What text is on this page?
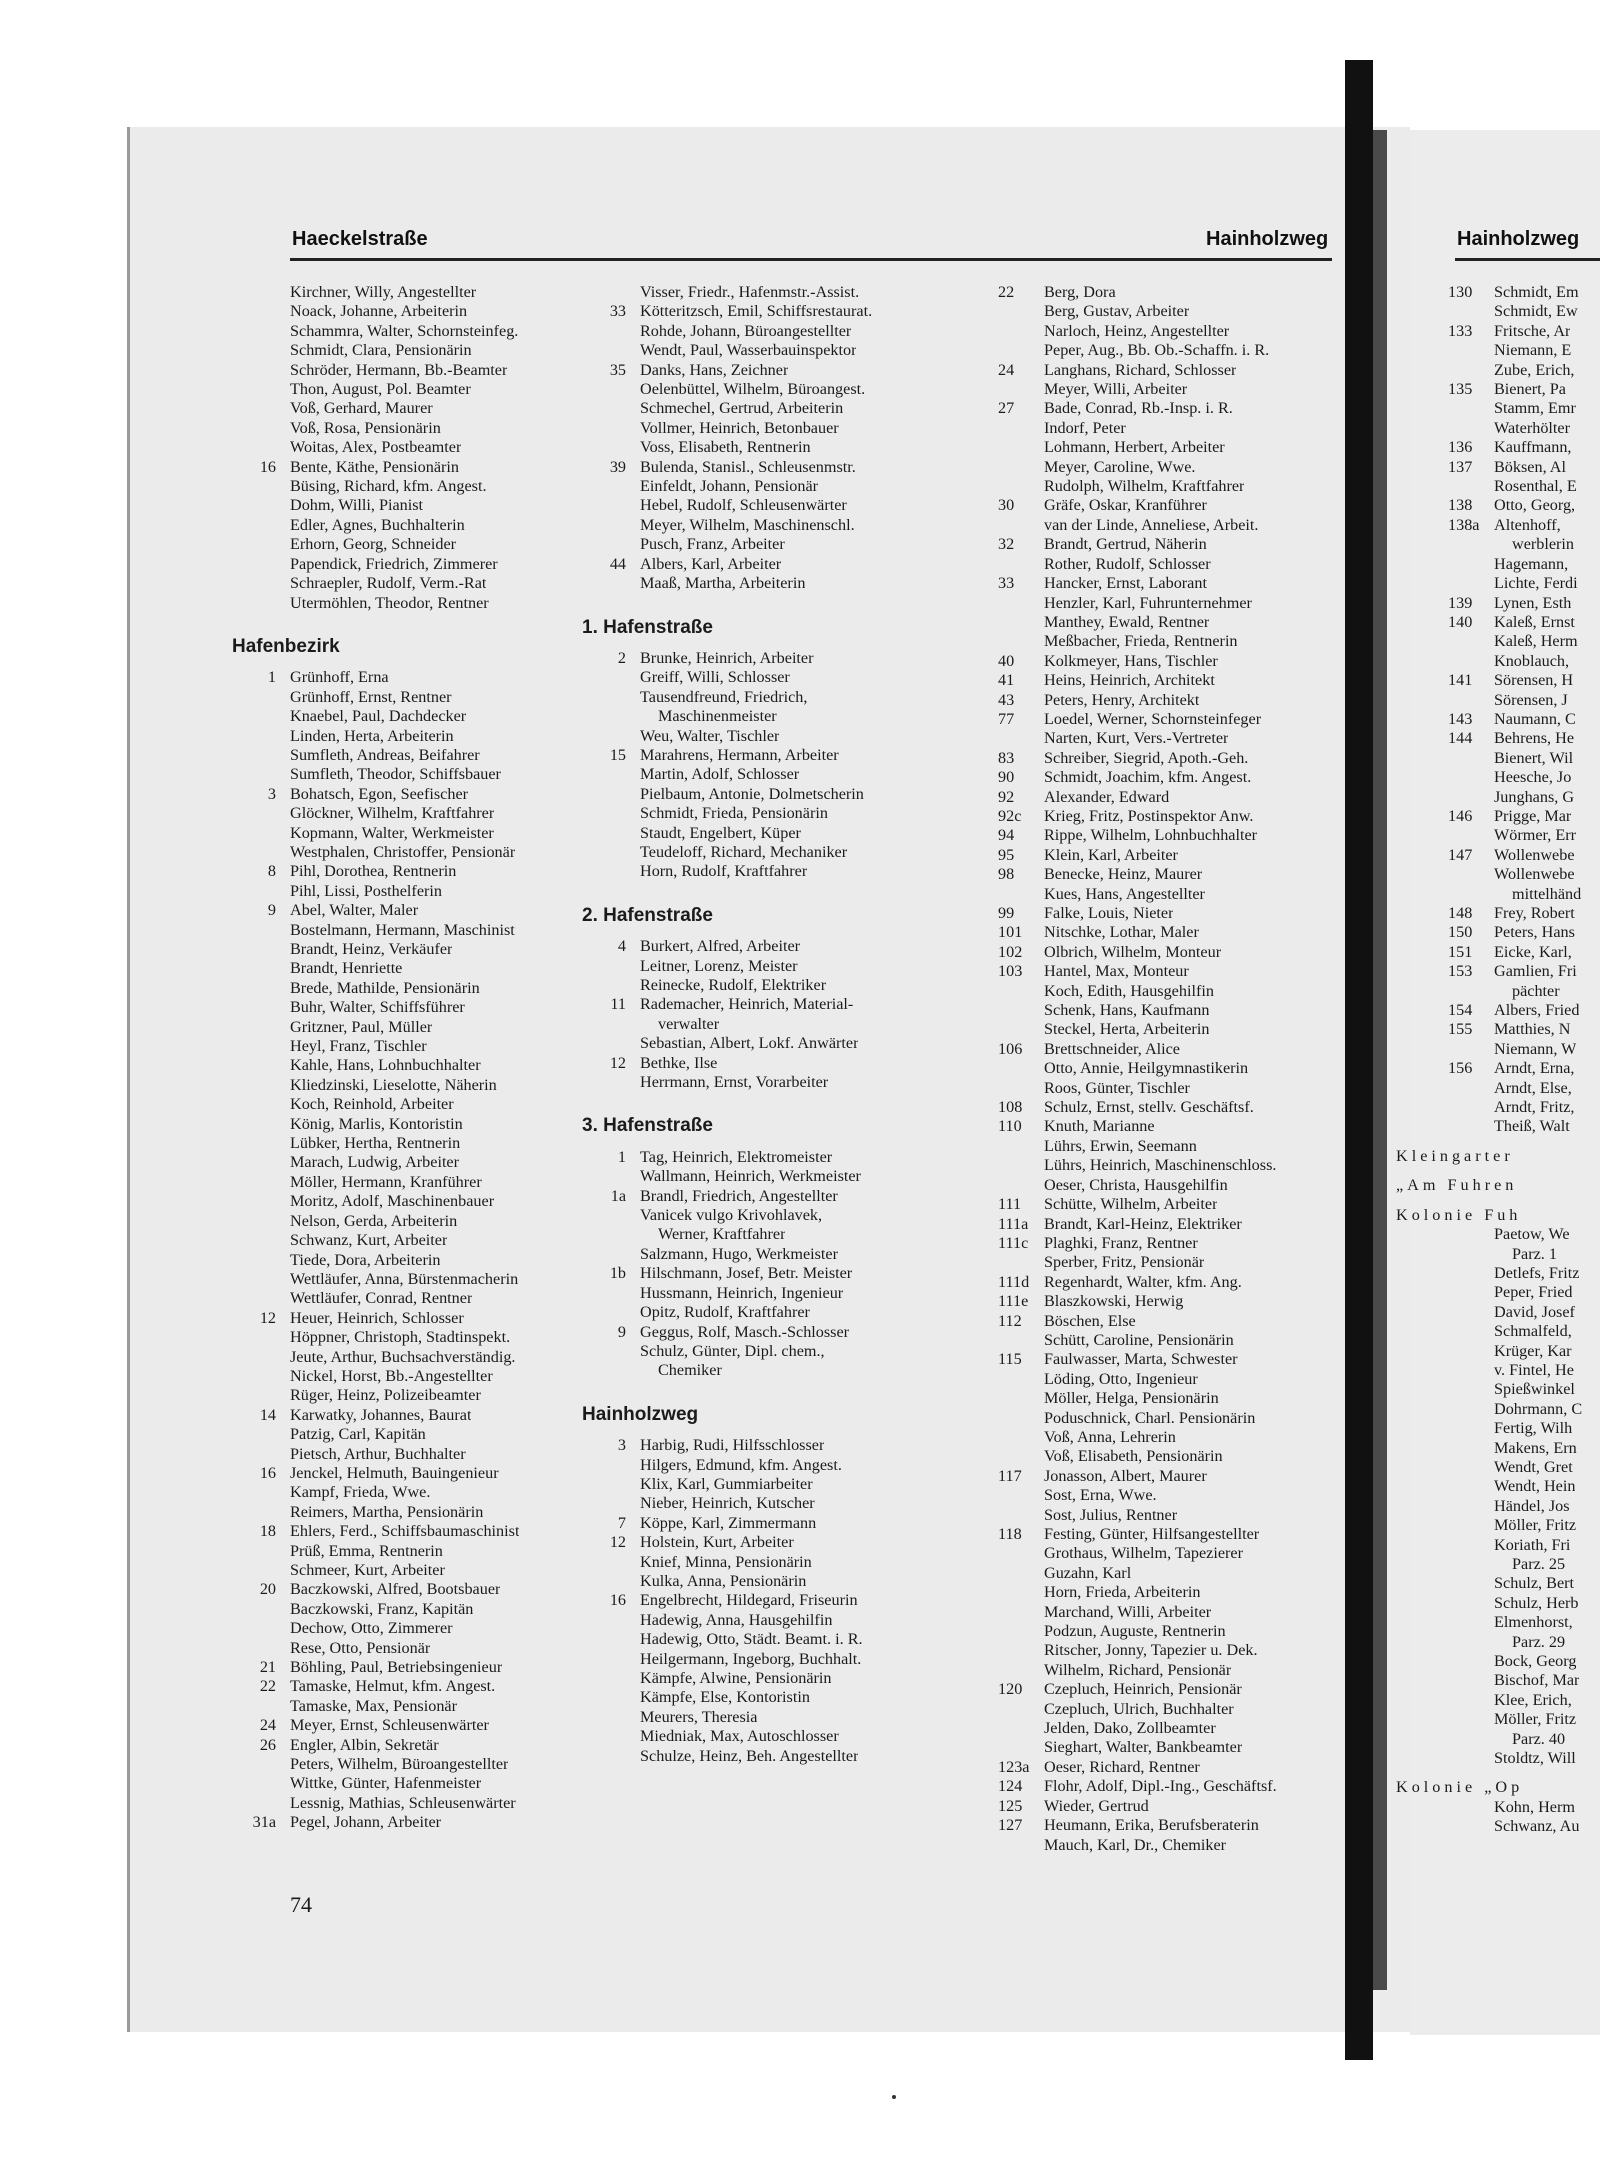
Haeckelstraße	Hainholzweg	Hainholzweg
Kirchner, Willy, Angestellter
Noack, Johanne, Arbeiterin
Schammra, Walter, Schornsteinfeg.
Schmidt, Clara, Pensionärin
Schröder, Hermann, Bb.-Beamter
Thon, August, Pol. Beamter
Voß, Gerhard, Maurer
Voß, Rosa, Pensionärin
Woitas, Alex, Postbeamter
16 Bente, Käthe, Pensionärin
Büsing, Richard, kfm. Angest.
Dohm, Willi, Pianist
Edler, Agnes, Buchhalterin
Erhorn, Georg, Schneider
Papendick, Friedrich, Zimmerer
Schraepler, Rudolf, Verm.-Rat
Utermöhlen, Theodor, Rentner
Hafenbezirk
1 Grünhoff, Erna
Grünhoff, Ernst, Rentner
Knaebel, Paul, Dachdecker
Linden, Herta, Arbeiterin
Sumfleth, Andreas, Beifahrer
Sumfleth, Theodor, Schiffsbauer
3 Bohatsch, Egon, Seefischer
Glöckner, Wilhelm, Kraftfahrer
Kopmann, Walter, Werkmeister
Westphalen, Christoffer, Pensionär
8 Pihl, Dorothea, Rentnerin
Pihl, Lissi, Posthelferin
9 Abel, Walter, Maler
Bostelmann, Hermann, Maschinist
Brandt, Heinz, Verkäufer
Brandt, Henriette
Brede, Mathilde, Pensionärin
Buhr, Walter, Schiffsführer
Gritzner, Paul, Müller
Heyl, Franz, Tischler
Kahle, Hans, Lohnbuchhalter
Kliedzinski, Lieselotte, Näherin
Koch, Reinhold, Arbeiter
König, Marlis, Kontoristin
Lübker, Hertha, Rentnerin
Marach, Ludwig, Arbeiter
Möller, Hermann, Kranführer
Moritz, Adolf, Maschinenbauer
Nelson, Gerda, Arbeiterin
Schwanz, Kurt, Arbeiter
Tiede, Dora, Arbeiterin
Wettläufer, Anna, Bürstenmacherin
Wettläufer, Conrad, Rentner
12 Heuer, Heinrich, Schlosser
Höppner, Christoph, Stadtinspekt.
Jeute, Arthur, Buchsachverständig.
Nickel, Horst, Bb.-Angestellter
Rüger, Heinz, Polizeibeamter
14 Karwatky, Johannes, Baurat
Patzig, Carl, Kapitän
Pietsch, Arthur, Buchhalter
16 Jenckel, Helmuth, Bauingenieur
Kampf, Frieda, Wwe.
Reimers, Martha, Pensionärin
18 Ehlers, Ferd., Schiffsbaumaschinist
Prüß, Emma, Rentnerin
Schmeer, Kurt, Arbeiter
20 Baczkowski, Alfred, Bootsbauer
Baczkowski, Franz, Kapitän
Dechow, Otto, Zimmerer
Rese, Otto, Pensionär
21 Böhling, Paul, Betriebsingenieur
22 Tamaske, Helmut, kfm. Angest.
Tamaske, Max, Pensionär
24 Meyer, Ernst, Schleusenwärter
26 Engler, Albin, Sekretär
Peters, Wilhelm, Büroangestellter
Wittke, Günter, Hafenmeister
Lessnig, Mathias, Schleusenwärter
31a Pegel, Johann, Arbeiter
Visser, Friedr., Hafenmstr.-Assist.
33 Kötteritzsch, Emil, Schiffsrestaurat.
Rohde, Johann, Büroangestellter
Wendt, Paul, Wasserbauinspektor
35 Danks, Hans, Zeichner
Oelenbüttel, Wilhelm, Büroangest.
Schmechel, Gertrud, Arbeiterin
Vollmer, Heinrich, Betonbauer
Voss, Elisabeth, Rentnerin
39 Bulenda, Stanisl., Schleusenmstr.
Einfeldt, Johann, Pensionär
Hebel, Rudolf, Schleusenwärter
Meyer, Wilhelm, Maschinenschl.
Pusch, Franz, Arbeiter
44 Albers, Karl, Arbeiter
Maaß, Martha, Arbeiterin
1. Hafenstraße
2 Brunke, Heinrich, Arbeiter
Greiff, Willi, Schlosser
Tausendfreund, Friedrich,
Maschinenmeister
Weu, Walter, Tischler
15 Marahrens, Hermann, Arbeiter
Martin, Adolf, Schlosser
Pielbaum, Antonie, Dolmetscherin
Schmidt, Frieda, Pensionärin
Staudt, Engelbert, Küper
Teudeloff, Richard, Mechaniker
Horn, Rudolf, Kraftfahrer
2. Hafenstraße
4 Burkert, Alfred, Arbeiter
Leitner, Lorenz, Meister
Reinecke, Rudolf, Elektriker
11 Rademacher, Heinrich, Material-
verwalter
Sebastian, Albert, Lokf. Anwärter
12 Bethke, Ilse
Herrmann, Ernst, Vorarbeiter
3. Hafenstraße
1 Tag, Heinrich, Elektromeister
Wallmann, Heinrich, Werkmeister
1a Brandl, Friedrich, Angestellter
Vanicek vulgo Krivohlavek,
Werner, Kraftfahrer
Salzmann, Hugo, Werkmeister
1b Hilschmann, Josef, Betr. Meister
Hussmann, Heinrich, Ingenieur
Opitz, Rudolf, Kraftfahrer
9 Geggus, Rolf, Masch.-Schlosser
Schulz, Günter, Dipl. chem.,
Chemiker
Hainholzweg
3 Harbig, Rudi, Hilfsschlosser
Hilgers, Edmund, kfm. Angest.
Klix, Karl, Gummiarbeiter
Nieber, Heinrich, Kutscher
7 Köppe, Karl, Zimmermann
12 Holstein, Kurt, Arbeiter
Knief, Minna, Pensionärin
Kulka, Anna, Pensionärin
16 Engelbrecht, Hildegard, Friseurin
Hadewig, Anna, Hausgehilfin
Hadewig, Otto, Städt. Beamt. i. R.
Heilgermann, Ingeborg, Buchhalt.
Kämpfe, Alwine, Pensionärin
Kämpfe, Else, Kontoristin
Meurers, Theresia
Miedniak, Max, Autoschlosser
Schulze, Heinz, Beh. Angestellter
22	Berg, Dora
Berg, Gustav, Arbeiter
Narloch, Heinz, Angestellter
Peper, Aug., Bb. Ob.-Schaffn. i. R.
24	Langhans, Richard, Schlosser
Meyer, Willi, Arbeiter
27	Bade, Conrad, Rb.-Insp. i. R.
Indorf, Peter
Lohmann, Herbert, Arbeiter
Meyer, Caroline, Wwe.
Rudolph, Wilhelm, Kraftfahrer
30	Gräfe, Oskar, Kranführer
van der Linde, Anneliese, Arbeit.
32	Brandt, Gertrud, Näherin
Rother, Rudolf, Schlosser
33	Hancker, Ernst, Laborant
Henzler, Karl, Fuhrunternehmer
Manthey, Ewald, Rentner
Meßbacher, Frieda, Rentnerin
40	Kolkmeyer, Hans, Tischler
41	Heins, Heinrich, Architekt
43	Peters, Henry, Architekt
77	Loedel, Werner, Schornsteinfeger
Narten, Kurt, Vers.-Vertreter
83	Schreiber, Siegrid, Apoth.-Geh.
90	Schmidt, Joachim, kfm. Angest.
92	Alexander, Edward
92c	Krieg, Fritz, Postinspektor Anw.
94	Rippe, Wilhelm, Lohnbuchhalter
95	Klein, Karl, Arbeiter
98	Benecke, Heinz, Maurer
Kues, Hans, Angestellter
99	Falke, Louis, Nieter
101	Nitschke, Lothar, Maler
102	Olbrich, Wilhelm, Monteur
103	Hantel, Max, Monteur
Koch, Edith, Hausgehilfin
Schenk, Hans, Kaufmann
Steckel, Herta, Arbeiterin
106	Brettschneider, Alice
Otto, Annie, Heilgymnastikerin
Roos, Günter, Tischler
108	Schulz, Ernst, stellv. Geschäftsf.
110	Knuth, Marianne
Lührs, Erwin, Seemann
Lührs, Heinrich, Maschinenschloss.
Oeser, Christa, Hausgehilfin
111	Schütte, Wilhelm, Arbeiter
111a Brandt, Karl-Heinz, Elektriker
111c Plaghki, Franz, Rentner
Sperber, Fritz, Pensionär
111d Regenhardt, Walter, kfm. Ang.
111e Blaszkowski, Herwig
112	Böschen, Else
Schütt, Caroline, Pensionärin
115	Faulwasser, Marta, Schwester
Löding, Otto, Ingenieur
Möller, Helga, Pensionärin
Poduschnick, Charl. Pensionärin
Voß, Anna, Lehrerin
Voß, Elisabeth, Pensionärin
117	Jonasson, Albert, Maurer
Sost, Erna, Wwe.
Sost, Julius, Rentner
118	Festing, Günter, Hilfsangestellter
Grothaus, Wilhelm, Tapezierer
Guzahn, Karl
Horn, Frieda, Arbeiterin
Marchand, Willi, Arbeiter
Podzun, Auguste, Rentnerin
Ritscher, Jonny, Tapezier u. Dek.
Wilhelm, Richard, Pensionär
120	Czepluch, Heinrich, Pensionär
Czepluch, Ulrich, Buchhalter
Jelden, Dako, Zollbeamter
Sieghart, Walter, Bankbeamter
123a Oeser, Richard, Rentner
124	Flohr, Adolf, Dipl.-Ing., Geschäftsf.
125	Wieder, Gertrud
127	Heumann, Erika, Berufsberaterin
Mauch, Karl, Dr., Chemiker
130	Schmidt, Em
Schmidt, Ew
133	Fritsche, Ar
Niemann, E
Zube, Erich,
135	Bienert, Pa
Stamm, Emr
Waterhölter
136	Kauffmann,
137	Böksen, Al
Rosenthal, E
138	Otto, Georg,
138a Altenhoff,
werblerin
Hagemann,
Lichte, Ferdi
139	Lynen, Esth
140	Kaleß, Ernst
Kaleß, Herm
Knoblauch,
141	Sörensen, H
Sörensen, J
143	Naumann, C
144	Behrens, He
Bienert, Wil
Heesche, Jo
Junghans, G
146	Prigge, Mar
Wörmer, Err
147	Wollenwebe
Wollenwebe
mittelhänd
148	Frey, Robert
150	Peters, Hans
151	Eicke, Karl,
153	Gamlien, Fri
pächter
154	Albers, Fried
155	Matthies, N
Niemann, W
156	Arndt, Erna,
Arndt, Else,
Arndt, Fritz,
Theiß, Walt
Kleingarter
„Am Fuhren
Kolonie Fuh
Paetow, We
Parz. 1
Detlefs, Fritz
Peper, Fried
David, Josef
Schmalfeld,
Krüger, Kar
v. Fintel, He
Spießwinkel
Dohrmann, C
Fertig, Wilh
Makens, Ern
Wendt, Gret
Wendt, Hein
Händel, Jos
Möller, Fritz
Koriath, Fri
Parz. 25
Schulz, Bert
Schulz, Herb
Elmenhorst,
Parz. 29
Bock, Georg
Bischof, Mar
Klee, Erich,
Möller, Fritz
Parz. 40
Stoldtz, Will
Kolonie „Op
Kohn, Herm
Schwanz, Au
74
